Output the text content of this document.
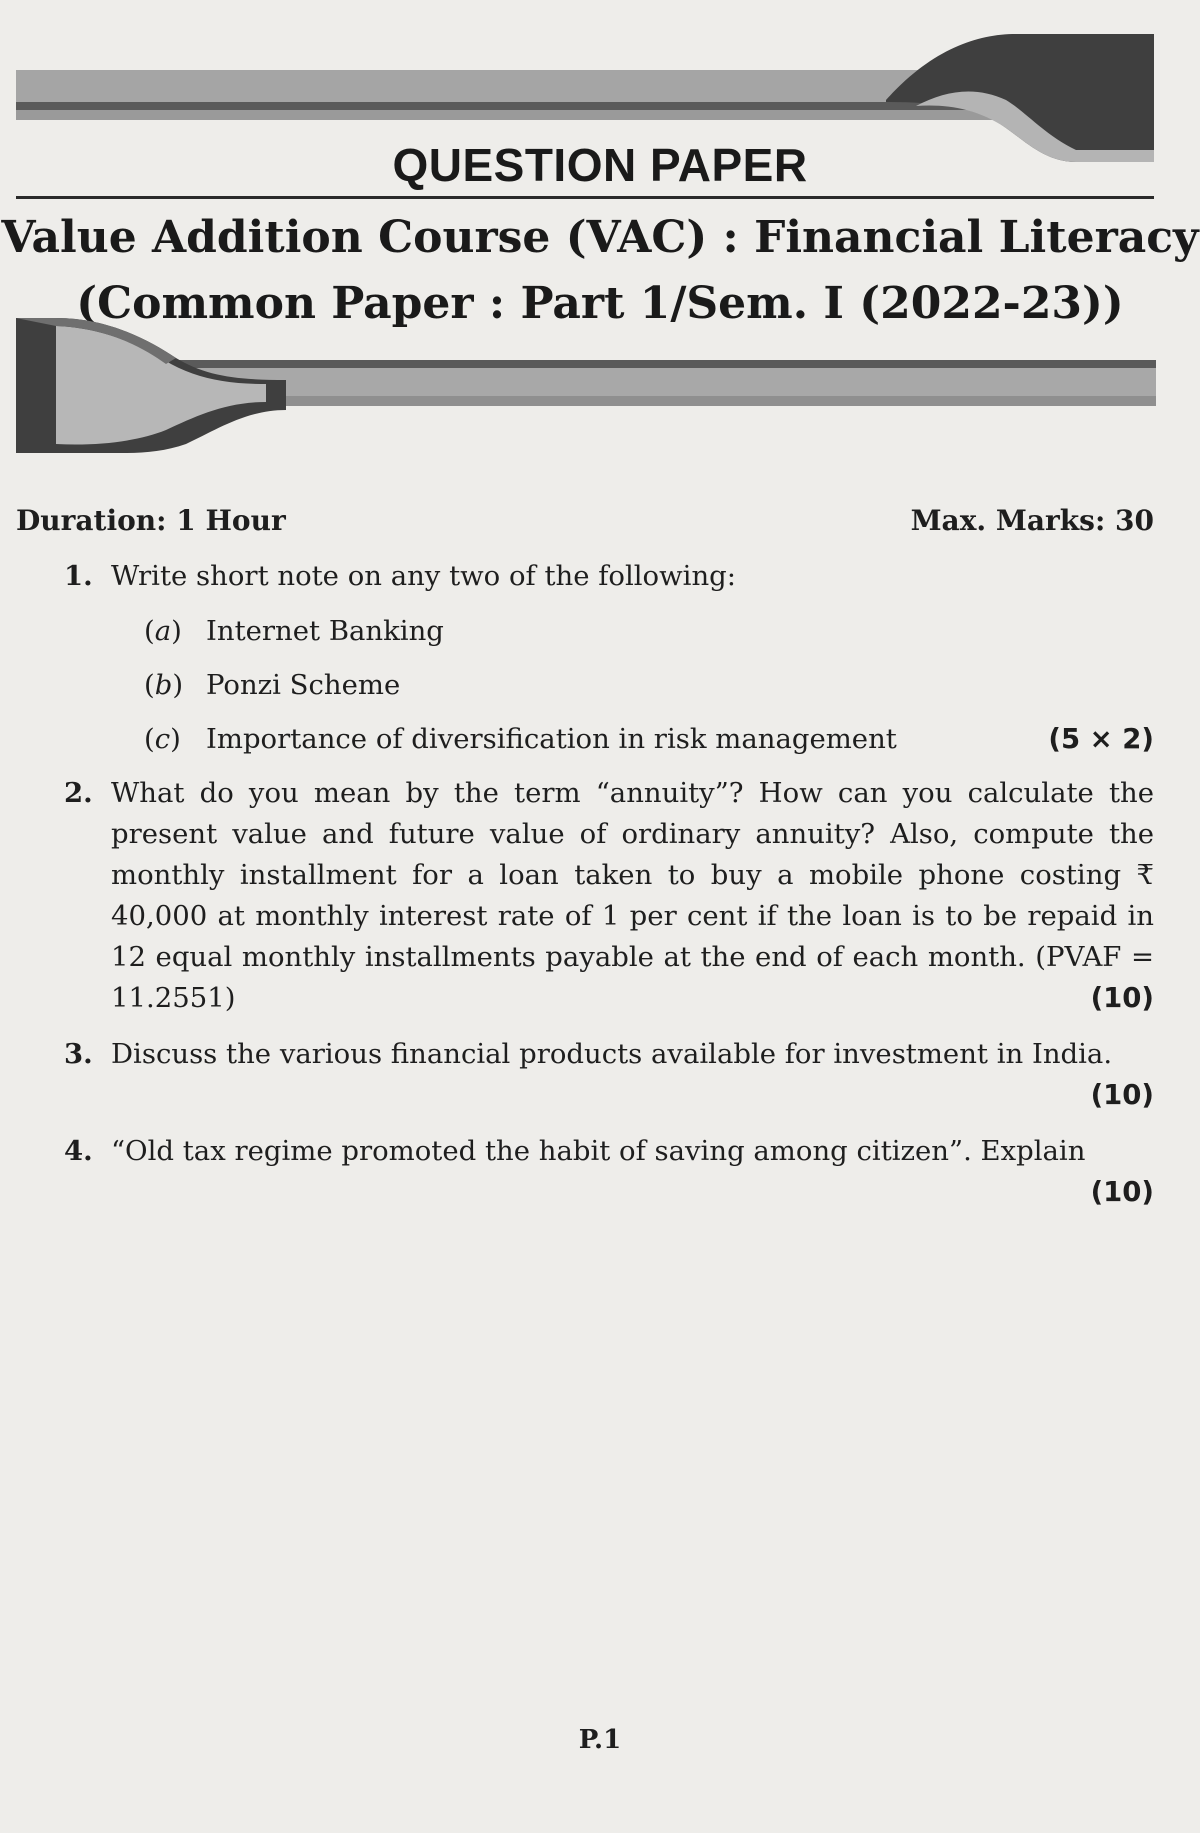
QUESTION PAPER
Value Addition Course (VAC) : Financial Literacy
(Common Paper : Part 1/Sem. I (2022-23))
Duration: 1 Hour	Max. Marks: 30
1. Write short note on any two of the following:
(a) Internet Banking
(b) Ponzi Scheme
(c) Importance of diversification in risk management	(5 × 2)
2. What do you mean by the term “annuity”? How can you calculate the present value and future value of ordinary annuity? Also, compute the monthly installment for a loan taken to buy a mobile phone costing ₹ 40,000 at monthly interest rate of 1 per cent if the loan is to be repaid in 12 equal monthly installments payable at the end of each month. (PVAF = 11.2551)	(10)
3. Discuss the various financial products available for investment in India.
(10)
4. “Old tax regime promoted the habit of saving among citizen”. Explain
(10)
P.1
